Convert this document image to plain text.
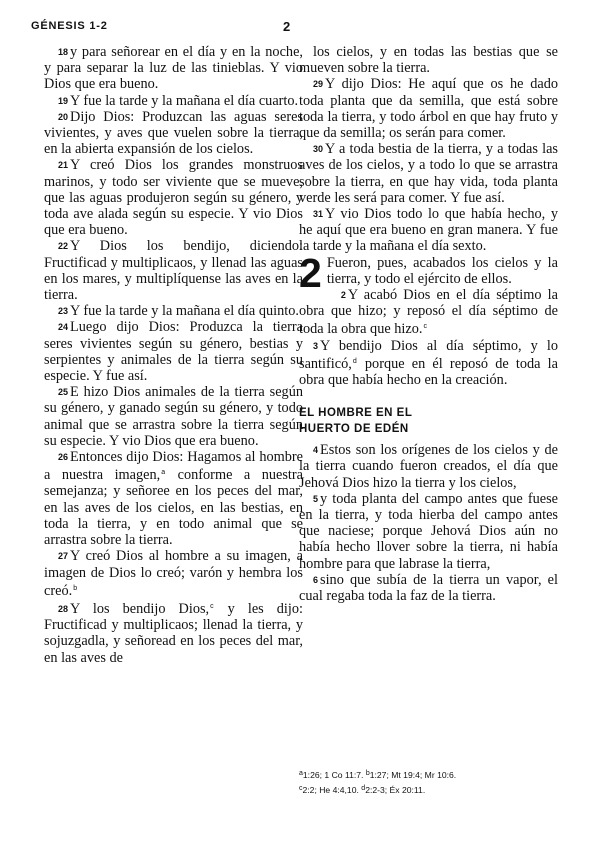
GÉNESIS 1-2	2

18 y para señorear en el día y en la noche, y para separar la luz de las tinieblas. Y vio Dios que era bueno.

19 Y fue la tarde y la mañana el día cuarto.

20 Dijo Dios: Produzcan las aguas seres vivientes, y aves que vuelen sobre la tierra, en la abierta expansión de los cielos.

21 Y creó Dios los grandes monstruos marinos, y todo ser viviente que se mueve, que las aguas produjeron según su género, y toda ave alada según su especie. Y vio Dios que era bueno.

22 Y Dios los bendijo, diciendo: Fructificad y multiplicaos, y llenad las aguas en los mares, y multiplíquense las aves en la tierra.

23 Y fue la tarde y la mañana el día quinto.

24 Luego dijo Dios: Produzca la tierra seres vivientes según su género, bestias y serpientes y animales de la tierra según su especie. Y fue así.

25 E hizo Dios animales de la tierra según su género, y ganado según su género, y todo animal que se arrastra sobre la tierra según su especie. Y vio Dios que era bueno.

26 Entonces dijo Dios: Hagamos al hombre a nuestra imagen,$^a$ conforme a nuestra semejanza; y señoree en los peces del mar, en las aves de los cielos, en las bestias, en toda la tierra, y en todo animal que se arrastra sobre la tierra.

27 Y creó Dios al hombre a su imagen, a imagen de Dios lo creó; varón y hembra los creó.$^b$

28 Y los bendijo Dios,$^c$ y les dijo: Fructificad y multiplicaos; llenad la tierra, y sojuzgadla, y señoread en los peces del mar, en las aves de

los cielos, y en todas las bestias que se mueven sobre la tierra.

29 Y dijo Dios: He aquí que os he dado toda planta que da semilla, que está sobre toda la tierra, y todo árbol en que hay fruto y que da semilla; os serán para comer.

30 Y a toda bestia de la tierra, y a todas las aves de los cielos, y a todo lo que se arrastra sobre la tierra, en que hay vida, toda planta verde les será para comer. Y fue así.

31 Y vio Dios todo lo que había hecho, y he aquí que era bueno en gran manera. Y fue la tarde y la mañana el día sexto.

2 Fueron, pues, acabados los cielos y la tierra, y todo el ejército de ellos.

2 Y acabó Dios en el día séptimo la obra que hizo; y reposó el día séptimo de toda la obra que hizo.$^c$

3 Y bendijo Dios al día séptimo, y lo santificó,$^d$ porque en él reposó de toda la obra que había hecho en la creación.

EL HOMBRE EN EL
HUERTO DE EDÉN

4 Estos son los orígenes de los cielos y de la tierra cuando fueron creados, el día que Jehová Dios hizo la tierra y los cielos,

5 y toda planta del campo antes que fuese en la tierra, y toda hierba del campo antes que naciese; porque Jehová Dios aún no había hecho llover sobre la tierra, ni había hombre para que labrase la tierra,

6 sino que subía de la tierra un vapor, el cual regaba toda la faz de la tierra.

$^a$1:26; 1 Co 11:7. $^b$1:27; Mt 19:4; Mr 10:6.
$^c$2:2; He 4:4,10. $^d$2:2-3; Éx 20:11.
